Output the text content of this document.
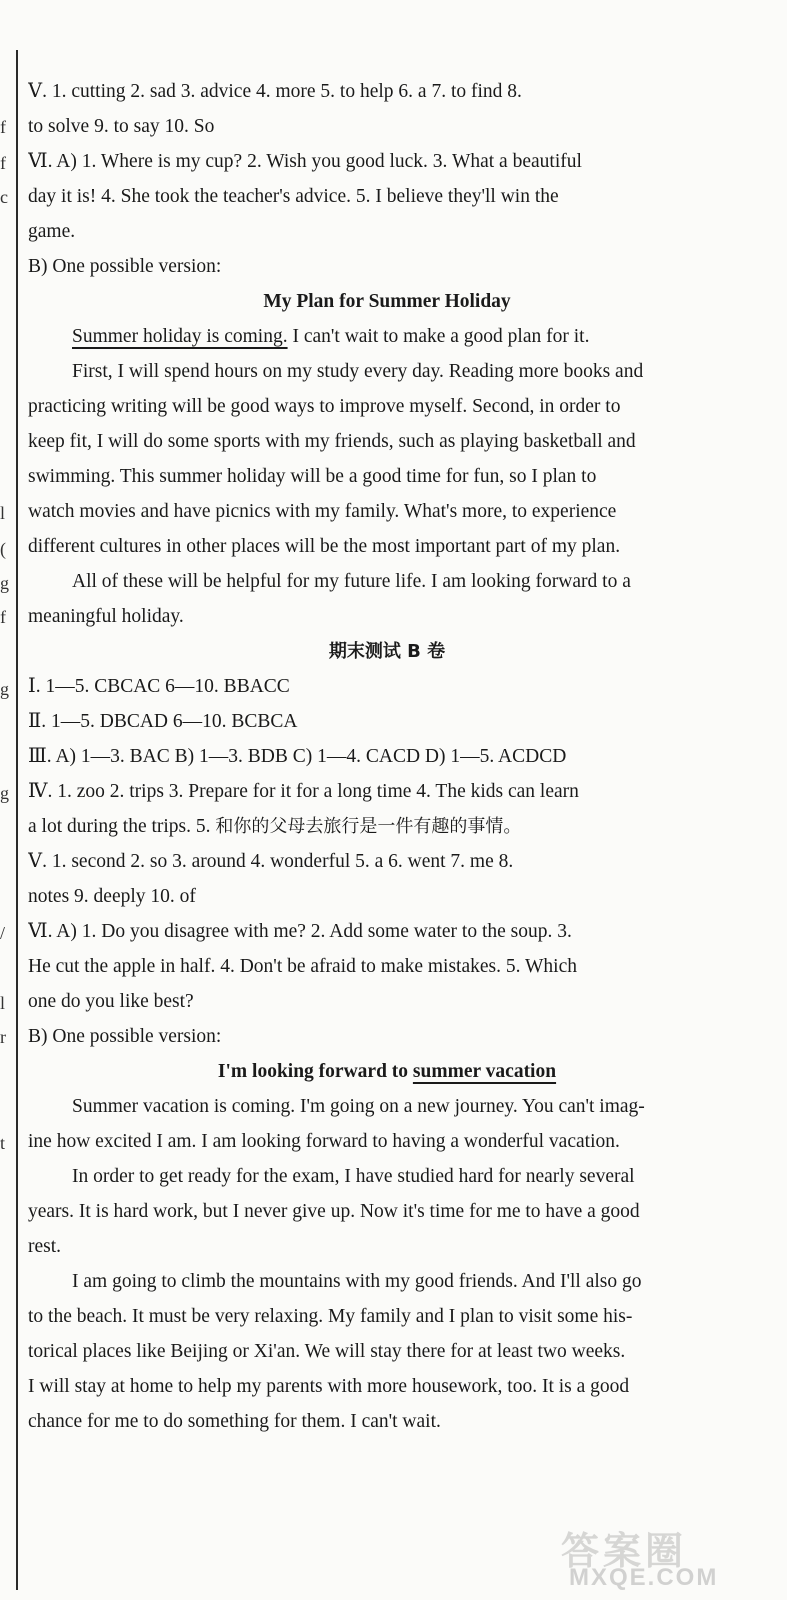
f
f
c
l
(
g
f
g
g
/
l
r
t
Ⅴ. 1. cutting 2. sad 3. advice 4. more 5. to help 6. a 7. to find 8.
to solve 9. to say 10. So
Ⅵ. A) 1. Where is my cup? 2. Wish you good luck. 3. What a beautiful
day it is! 4. She took the teacher's advice. 5. I believe they'll win the
game.
B) One possible version:
My Plan for Summer Holiday
Summer holiday is coming. I can't wait to make a good plan for it.
First, I will spend hours on my study every day. Reading more books and
practicing writing will be good ways to improve myself. Second, in order to
keep fit, I will do some sports with my friends, such as playing basketball and
swimming. This summer holiday will be a good time for fun, so I plan to
watch movies and have picnics with my family. What's more, to experience
different cultures in other places will be the most important part of my plan.
All of these will be helpful for my future life. I am looking forward to a
meaningful holiday.
期末测试 B 卷
Ⅰ. 1—5. CBCAC 6—10. BBACC
Ⅱ. 1—5. DBCAD 6—10. BCBCA
Ⅲ. A) 1—3. BAC B) 1—3. BDB C) 1—4. CACD D) 1—5. ACDCD
Ⅳ. 1. zoo 2. trips 3. Prepare for it for a long time 4. The kids can learn
a lot during the trips. 5. 和你的父母去旅行是一件有趣的事情。
Ⅴ. 1. second 2. so 3. around 4. wonderful 5. a 6. went 7. me 8.
notes 9. deeply 10. of
Ⅵ. A) 1. Do you disagree with me? 2. Add some water to the soup. 3.
He cut the apple in half. 4. Don't be afraid to make mistakes. 5. Which
one do you like best?
B) One possible version:
I'm looking forward to summer vacation
Summer vacation is coming. I'm going on a new journey. You can't imag-
ine how excited I am. I am looking forward to having a wonderful vacation.
In order to get ready for the exam, I have studied hard for nearly several
years. It is hard work, but I never give up. Now it's time for me to have a good
rest.
I am going to climb the mountains with my good friends. And I'll also go
to the beach. It must be very relaxing. My family and I plan to visit some his-
torical places like Beijing or Xi'an. We will stay there for at least two weeks.
I will stay at home to help my parents with more housework, too. It is a good
chance for me to do something for them. I can't wait.
答案圈
MXQE.COM
